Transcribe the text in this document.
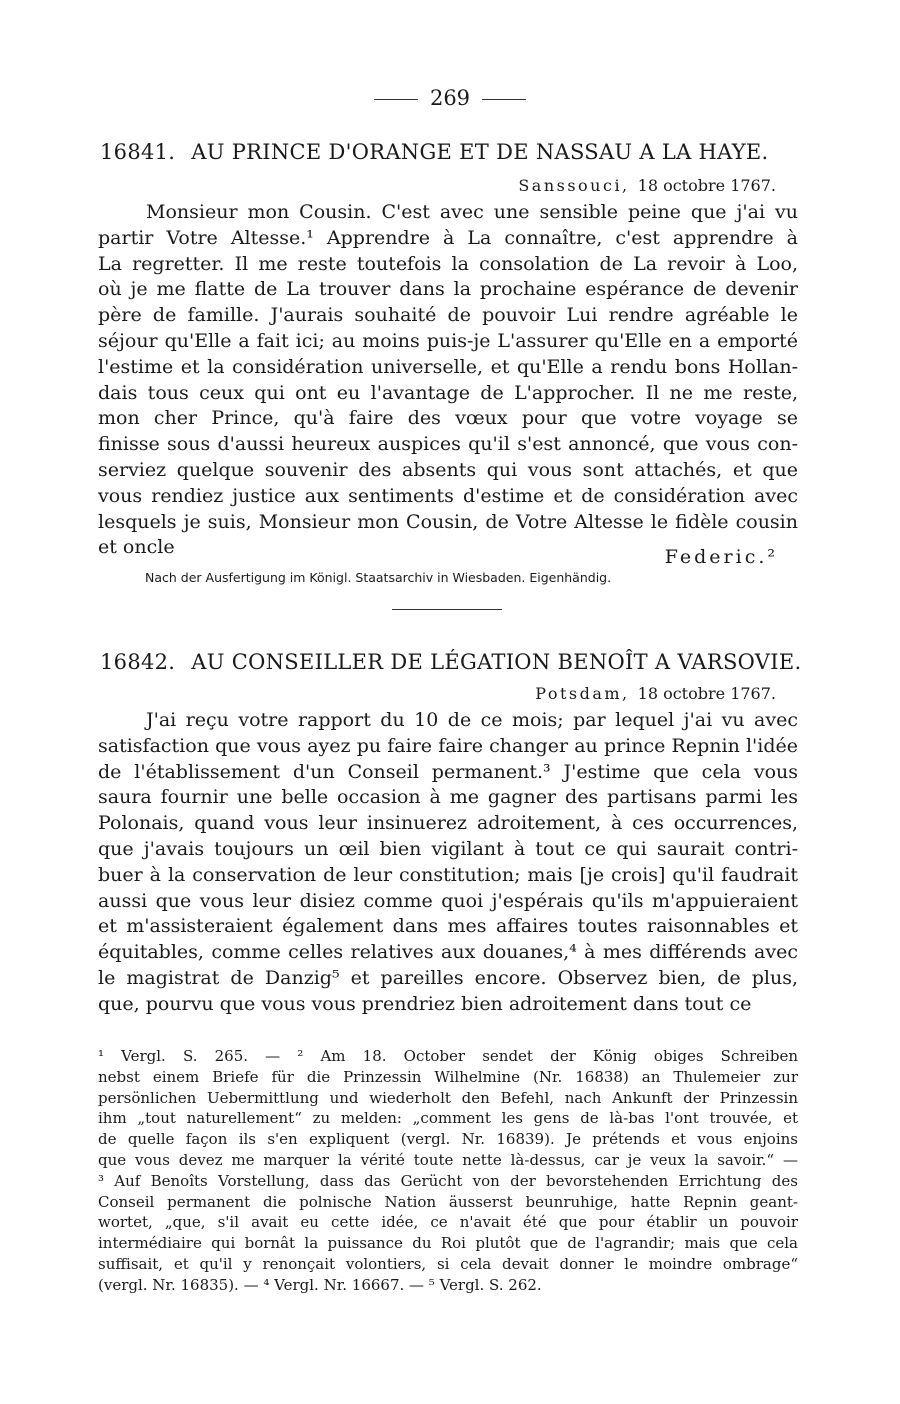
269
16841. AU PRINCE D'ORANGE ET DE NASSAU A LA HAYE.
Sanssouci, 18 octobre 1767.
Monsieur mon Cousin. C'est avec une sensible peine que j'ai vu
partir Votre Altesse.¹ Apprendre à La connaître, c'est apprendre à
La regretter. Il me reste toutefois la consolation de La revoir à Loo,
où je me flatte de La trouver dans la prochaine espérance de devenir
père de famille. J'aurais souhaité de pouvoir Lui rendre agréable le
séjour qu'Elle a fait ici; au moins puis-je L'assurer qu'Elle en a emporté
l'estime et la considération universelle, et qu'Elle a rendu bons Hollan-
dais tous ceux qui ont eu l'avantage de L'approcher. Il ne me reste,
mon cher Prince, qu'à faire des vœux pour que votre voyage se
finisse sous d'aussi heureux auspices qu'il s'est annoncé, que vous con-
serviez quelque souvenir des absents qui vous sont attachés, et que
vous rendiez justice aux sentiments d'estime et de considération avec
lesquels je suis, Monsieur mon Cousin, de Votre Altesse le fidèle cousin
et oncle	Federic.²
Nach der Ausfertigung im Königl. Staatsarchiv in Wiesbaden. Eigenhändig.
16842. AU CONSEILLER DE LÉGATION BENOÎT A VARSOVIE.
Potsdam, 18 octobre 1767.
J'ai reçu votre rapport du 10 de ce mois; par lequel j'ai vu avec
satisfaction que vous ayez pu faire faire changer au prince Repnin l'idée
de l'établissement d'un Conseil permanent.³ J'estime que cela vous
saura fournir une belle occasion à me gagner des partisans parmi les
Polonais, quand vous leur insinuerez adroitement, à ces occurrences,
que j'avais toujours un œil bien vigilant à tout ce qui saurait contri-
buer à la conservation de leur constitution; mais [je crois] qu'il faudrait
aussi que vous leur disiez comme quoi j'espérais qu'ils m'appuieraient
et m'assisteraient également dans mes affaires toutes raisonnables et
équitables, comme celles relatives aux douanes,⁴ à mes différends avec
le magistrat de Danzig⁵ et pareilles encore. Observez bien, de plus,
que, pourvu que vous vous prendriez bien adroitement dans tout ce
¹ Vergl. S. 265. — ² Am 18. October sendet der König obiges Schreiben
nebst einem Briefe für die Prinzessin Wilhelmine (Nr. 16838) an Thulemeier zur
persönlichen Uebermittlung und wiederholt den Befehl, nach Ankunft der Prinzessin
ihm „tout naturellement“ zu melden: „comment les gens de là-bas l'ont trouvée, et
de quelle façon ils s'en expliquent (vergl. Nr. 16839). Je prétends et vous enjoins
que vous devez me marquer la vérité toute nette là-dessus, car je veux la savoir.“ —
³ Auf Benoîts Vorstellung, dass das Gerücht von der bevorstehenden Errichtung des
Conseil permanent die polnische Nation äusserst beunruhige, hatte Repnin geant-
wortet, „que, s'il avait eu cette idée, ce n'avait été que pour établir un pouvoir
intermédiaire qui bornât la puissance du Roi plutôt que de l'agrandir; mais que cela
suffisait, et qu'il y renonçait volontiers, si cela devait donner le moindre ombrage“
(vergl. Nr. 16835). — ⁴ Vergl. Nr. 16667. — ⁵ Vergl. S. 262.
